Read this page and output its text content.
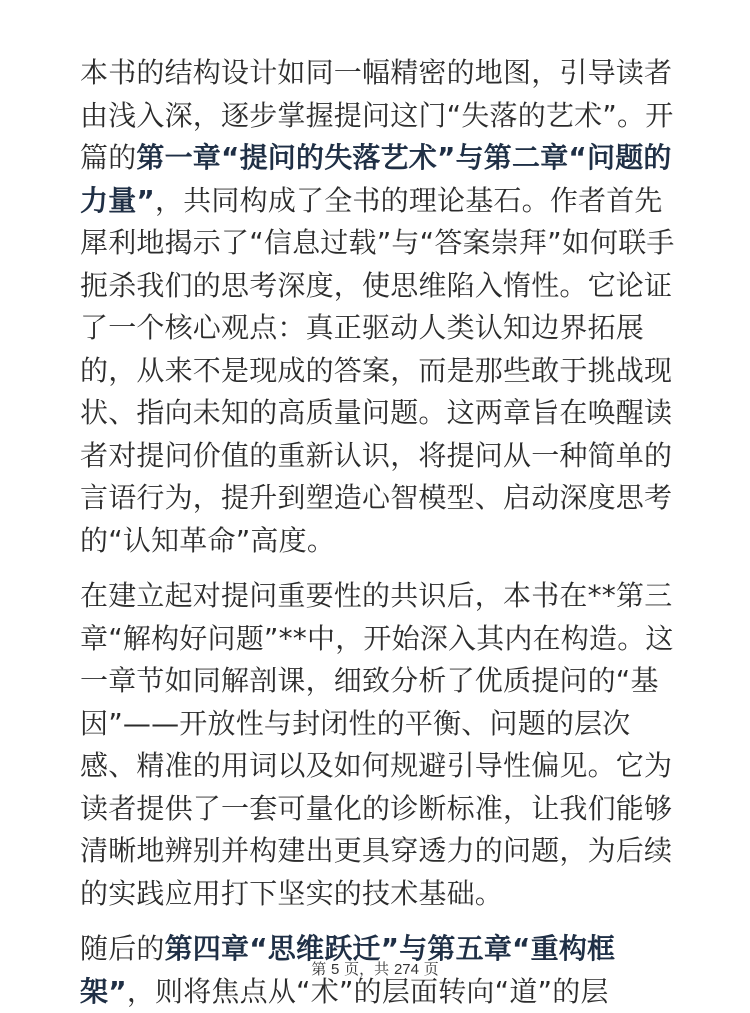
本书的结构设计如同一幅精密的地图，引导读者由浅入深，逐步掌握提问这门“失落的艺术”。开篇的第一章“提问的失落艺术”与第二章“问题的力量”，共同构成了全书的理论基石。作者首先犀利地揭示了“信息过载”与“答案崇拜”如何联手扼杀我们的思考深度，使思维陷入惰性。它论证了一个核心观点：真正驱动人类认知边界拓展的，从来不是现成的答案，而是那些敢于挑战现状、指向未知的高质量问题。这两章旨在唤醒读者对提问价值的重新认识，将提问从一种简单的言语行为，提升到塑造心智模型、启动深度思考的“认知革命”高度。

在建立起对提问重要性的共识后，本书在**第三章“解构好问题”**中，开始深入其内在构造。这一章节如同解剖课，细致分析了优质提问的“基因”——开放性与封闭性的平衡、问题的层次感、精准的用词以及如何规避引导性偏见。它为读者提供了一套可量化的诊断标准，让我们能够清晰地辨别并构建出更具穿透力的问题，为后续的实践应用打下坚实的技术基础。

随后的第四章“思维跃迁”与第五章“重构框架”，则将焦点从“术”的层面转向“道”的层

第 5 页，共 274 页
